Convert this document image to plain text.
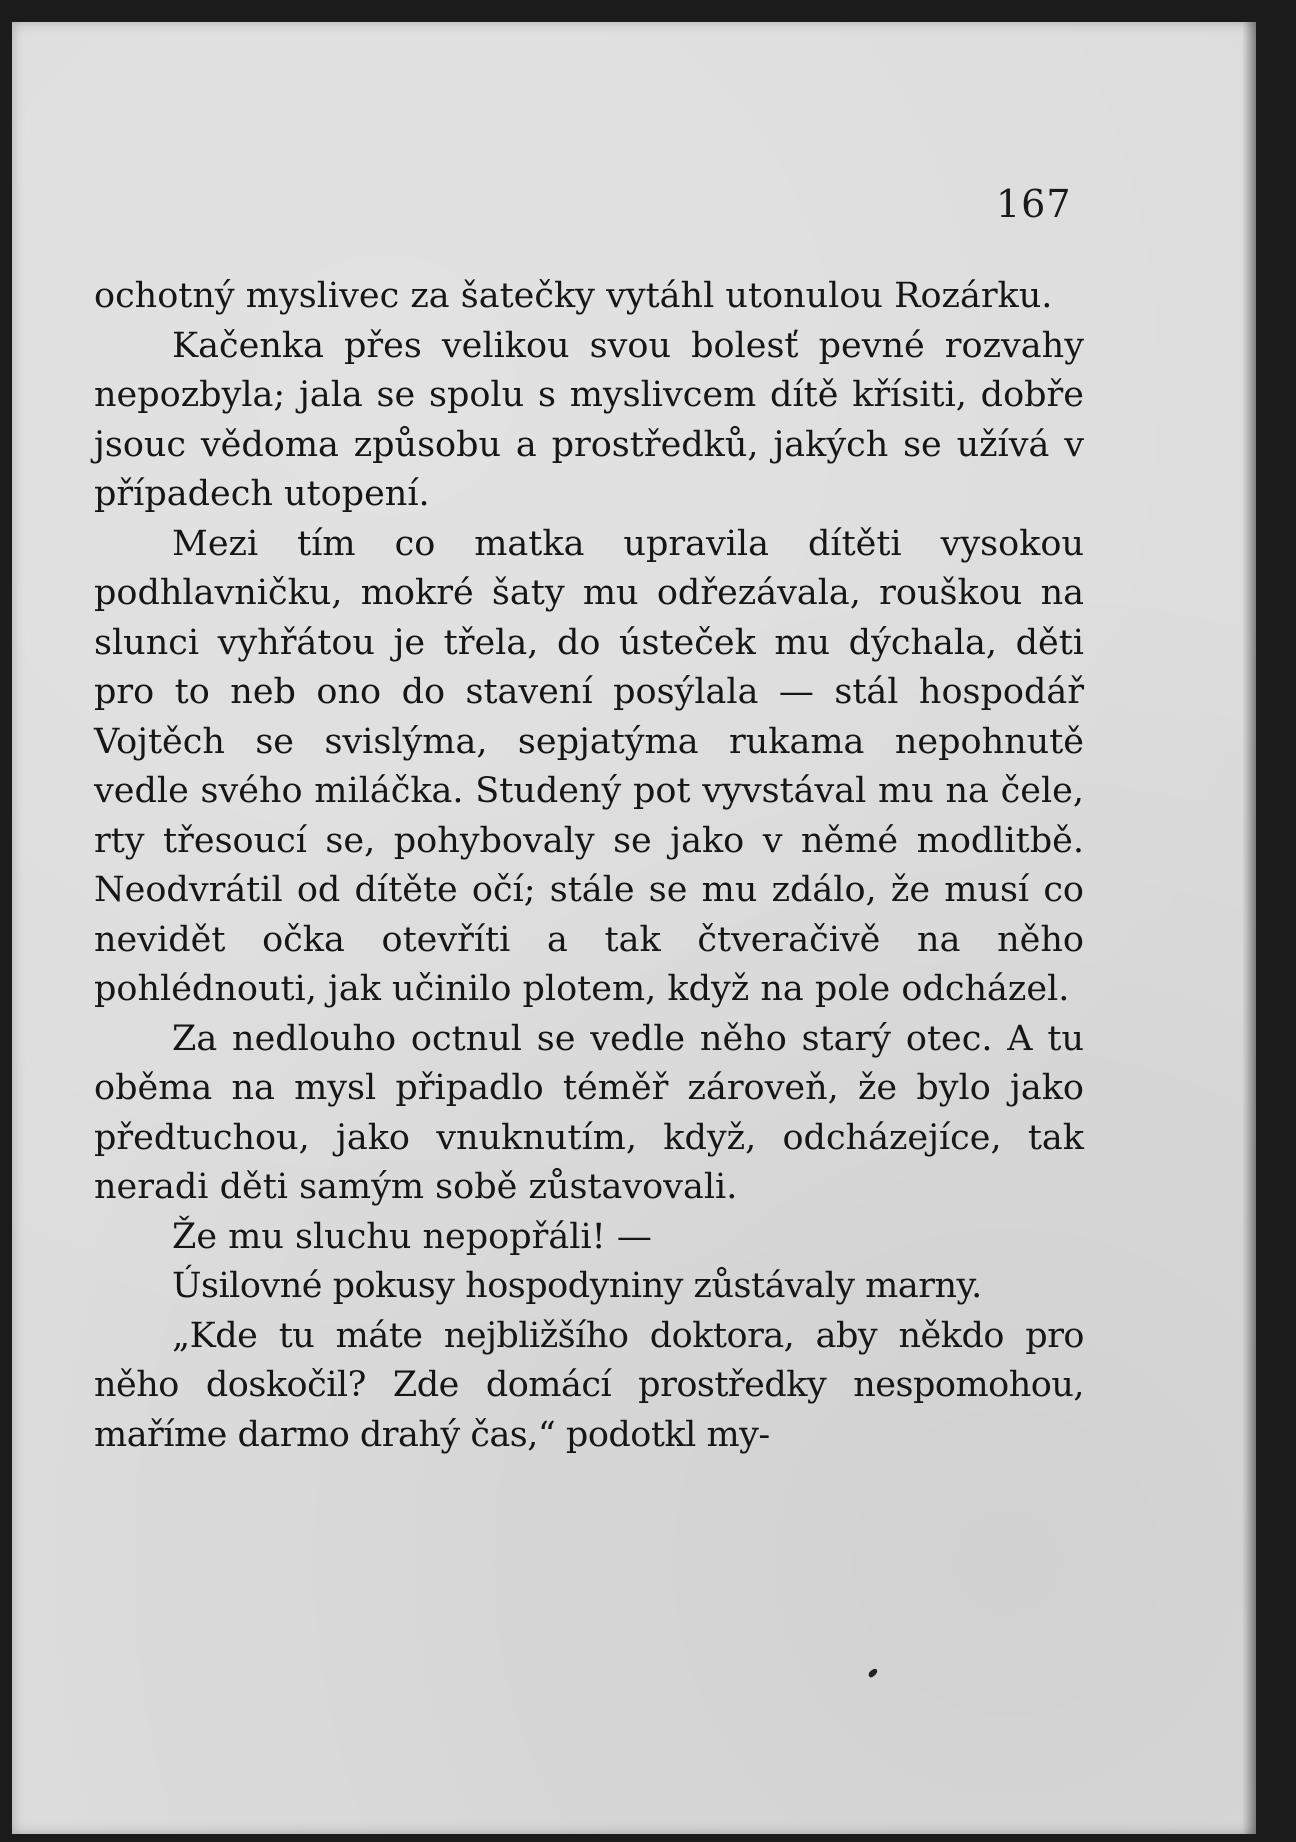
167

ochotný myslivec za šatečky vytáhl utonulou Rozárku.

Kačenka přes velikou svou bolesť pevné rozvahy nepozbyla; jala se spolu s myslivcem dítě křísiti, dobře jsouc vědoma způsobu a prostředků, jakých se užívá v případech utopení.

Mezi tím co matka upravila dítěti vysokou podhlavničku, mokré šaty mu odřezávala, rouškou na slunci vyhřátou je třela, do ústeček mu dýchala, děti pro to neb ono do stavení posýlala — stál hospodář Vojtěch se svislýma, sepjatýma rukama nepohnutě vedle svého miláčka. Studený pot vyvstával mu na čele, rty třesoucí se, pohybovaly se jako v němé modlitbě. Neodvrátil od dítěte očí; stále se mu zdálo, že musí co nevidět očka otevříti a tak čtveračivě na něho pohlédnouti, jak učinilo plotem, když na pole odcházel.

Za nedlouho octnul se vedle něho starý otec. A tu oběma na mysl připadlo téměř zároveň, že bylo jako předtuchou, jako vnuknutím, když, odcházejíce, tak neradi děti samým sobě zůstavovali.

Že mu sluchu nepopřáli! —

Úsilovné pokusy hospodyniny zůstávaly marny.

„Kde tu máte nejbližšího doktora, aby někdo pro něho doskočil? Zde domácí prostředky nespomohou, maříme darmo drahý čas,“ podotkl my-
